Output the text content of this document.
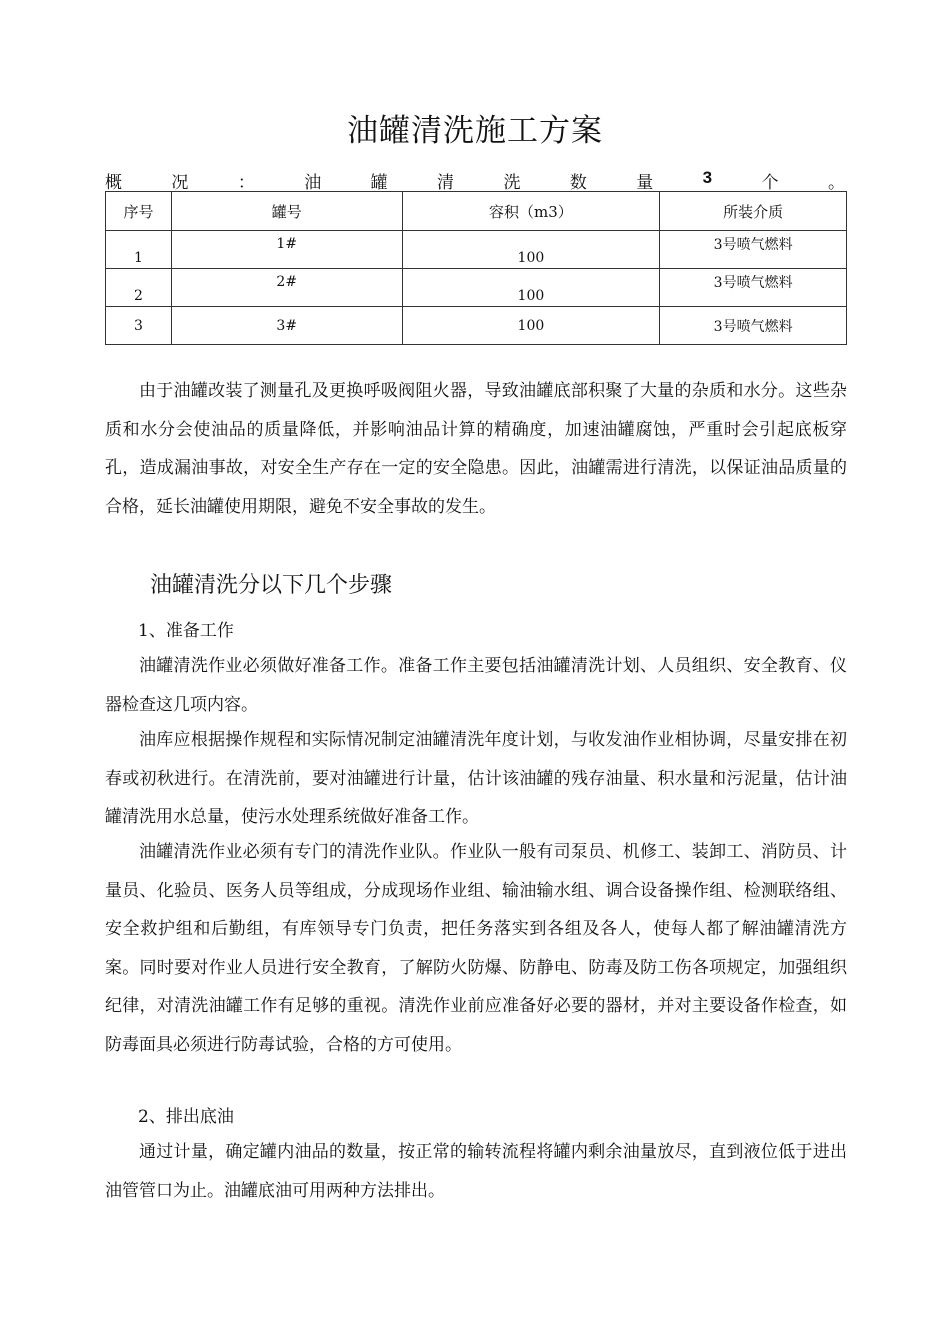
油罐清洗施工方案
概	况	：	油	罐	清	洗	数	量	3	个	。
序号	罐号	容积（m3）	所装介质
1	1#	100	3号喷气燃料
2	2#	100	3号喷气燃料
3	3#	100	3号喷气燃料

由于油罐改装了测量孔及更换呼吸阀阻火器，导致油罐底部积聚了大量的杂质和水分。这些杂质和水分会使油品的质量降低，并影响油品计算的精确度，加速油罐腐蚀，严重时会引起底板穿孔，造成漏油事故，对安全生产存在一定的安全隐患。因此，油罐需进行清洗，以保证油品质量的合格，延长油罐使用期限，避免不安全事故的发生。

油罐清洗分以下几个步骤
1、准备工作

油罐清洗作业必须做好准备工作。准备工作主要包括油罐清洗计划、人员组织、安全教育、仪器检查这几项内容。

油库应根据操作规程和实际情况制定油罐清洗年度计划，与收发油作业相协调，尽量安排在初春或初秋进行。在清洗前，要对油罐进行计量，估计该油罐的残存油量、积水量和污泥量，估计油罐清洗用水总量，使污水处理系统做好准备工作。

油罐清洗作业必须有专门的清洗作业队。作业队一般有司泵员、机修工、装卸工、消防员、计量员、化验员、医务人员等组成，分成现场作业组、输油输水组、调合设备操作组、检测联络组、安全救护组和后勤组，有库领导专门负责，把任务落实到各组及各人，使每人都了解油罐清洗方案。同时要对作业人员进行安全教育，了解防火防爆、防静电、防毒及防工伤各项规定，加强组织纪律，对清洗油罐工作有足够的重视。清洗作业前应准备好必要的器材，并对主要设备作检查，如防毒面具必须进行防毒试验，合格的方可使用。

2、排出底油

通过计量，确定罐内油品的数量，按正常的输转流程将罐内剩余油量放尽，直到液位低于进出油管管口为止。油罐底油可用两种方法排出。
